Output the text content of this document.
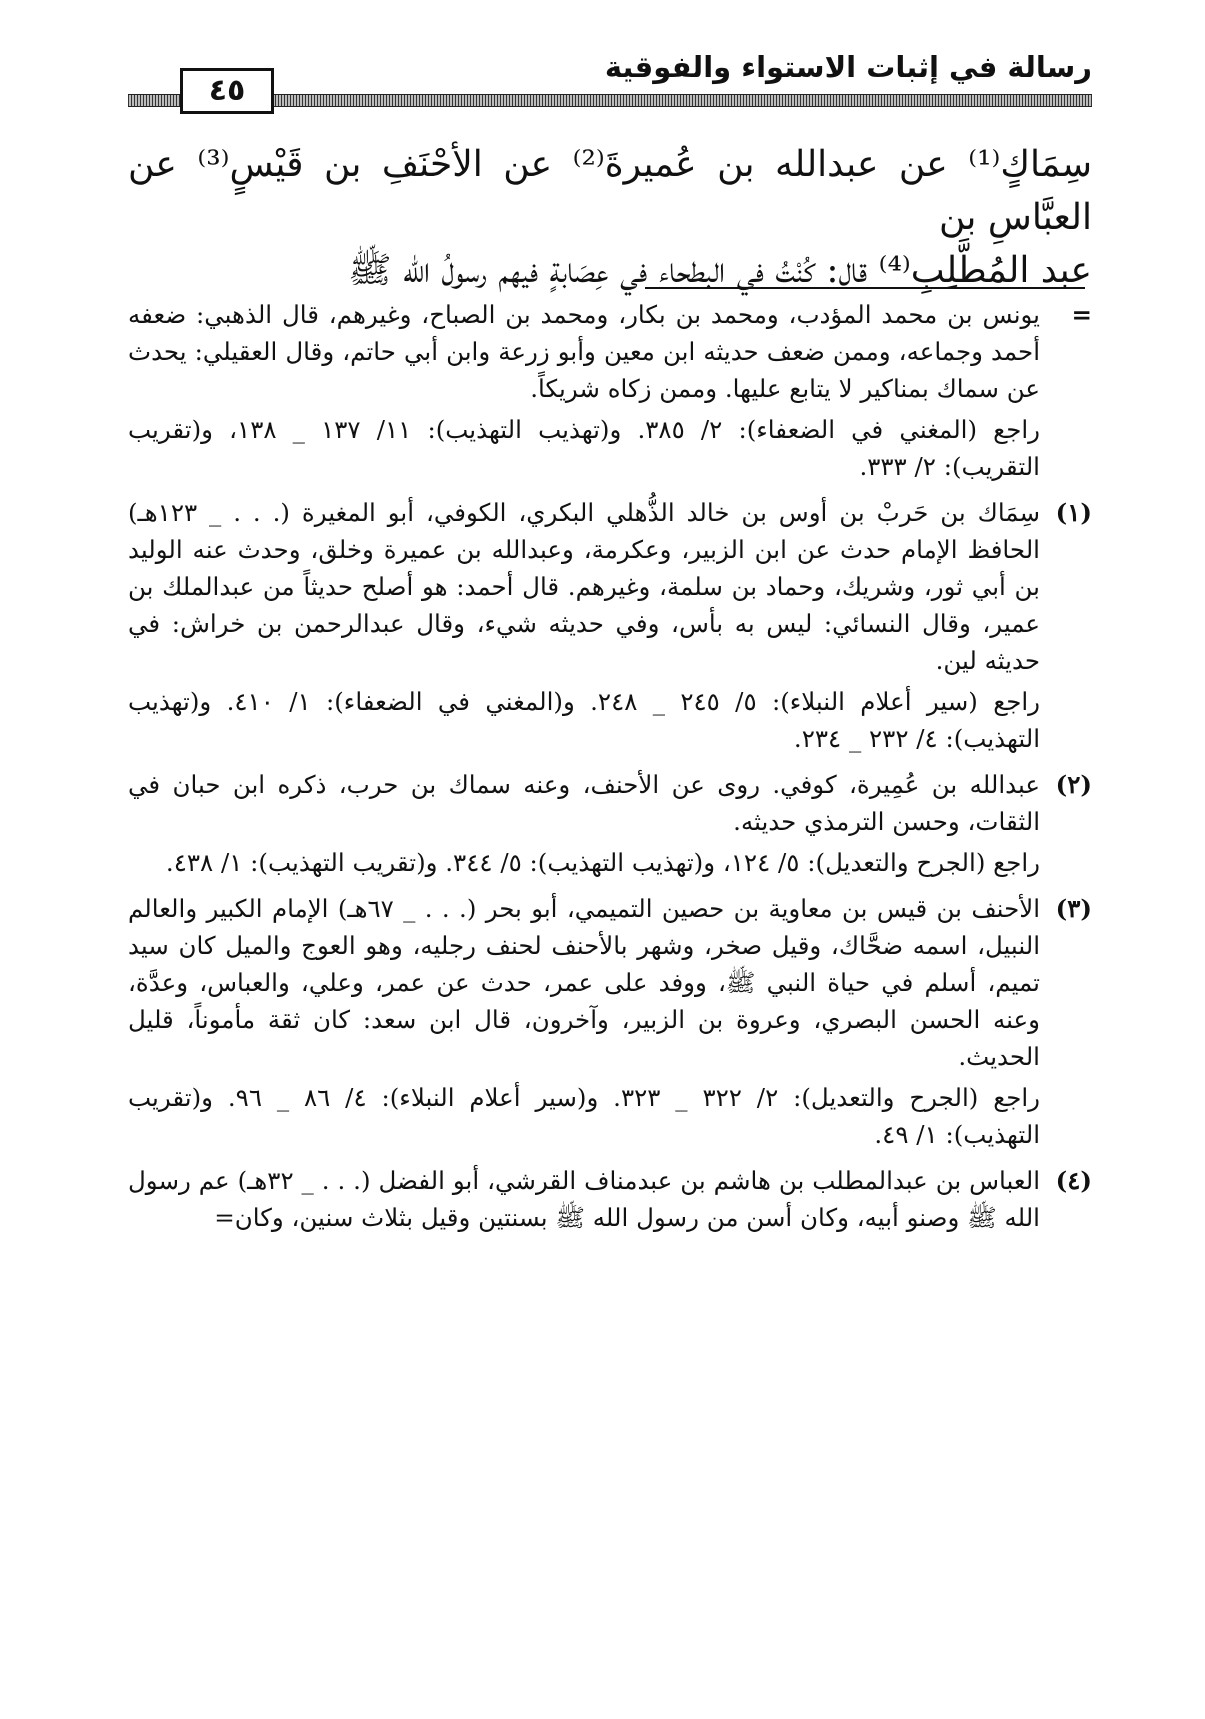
٤٥
رسالة في إثبات الاستواء والفوقية
سِمَاكٍ⁽¹⁾ عن عبدالله بن عُميرةَ⁽²⁾ عن الأحْنَفِ بن قَيْسٍ⁽³⁾ عن العبَّاسِ بن
عبد المُطَّلِبِ⁽⁴⁾ قال: كُنْتُ في البطحاء في عِصَابةٍ فيهم رسولُ الله ﷺ
=

يونس بن محمد المؤدب، ومحمد بن بكار، ومحمد بن الصباح، وغيرهم، قال الذهبي: ضعفه أحمد وجماعه، وممن ضعف حديثه ابن معين وأبو زرعة وابن أبي حاتم، وقال العقيلي: يحدث عن سماك بمناكير لا يتابع عليها. وممن زكاه شريكاً.

راجع (المغني في الضعفاء): ٢/ ٣٨٥. و(تهذيب التهذيب): ١١/ ١٣٧ _ ١٣٨، و(تقريب التقريب): ٢/ ٣٣٣.

(١)

سِمَاك بن حَربْ بن أوس بن خالد الذُّهلي البكري، الكوفي، أبو المغيرة (. . . _ ١٢٣هـ) الحافظ الإمام حدث عن ابن الزبير، وعكرمة، وعبدالله بن عميرة وخلق، وحدث عنه الوليد بن أبي ثور، وشريك، وحماد بن سلمة، وغيرهم. قال أحمد: هو أصلح حديثاً من عبدالملك بن عمير، وقال النسائي: ليس به بأس، وفي حديثه شيء، وقال عبدالرحمن بن خراش: في حديثه لين.

راجع (سير أعلام النبلاء): ٥/ ٢٤٥ _ ٢٤٨. و(المغني في الضعفاء): ١/ ٤١٠. و(تهذيب التهذيب): ٤/ ٢٣٢ _ ٢٣٤.

(٢)

عبدالله بن عُمِيرة، كوفي. روى عن الأحنف، وعنه سماك بن حرب، ذكره ابن حبان في الثقات، وحسن الترمذي حديثه.

راجع (الجرح والتعديل): ٥/ ١٢٤، و(تهذيب التهذيب): ٥/ ٣٤٤. و(تقريب التهذيب): ١/ ٤٣٨.

(٣)

الأحنف بن قيس بن معاوية بن حصين التميمي، أبو بحر (. . . _ ٦٧هـ) الإمام الكبير والعالم النبيل، اسمه ضحَّاك، وقيل صخر، وشهر بالأحنف لحنف رجليه، وهو العوج والميل كان سيد تميم، أسلم في حياة النبي ﷺ، ووفد على عمر، حدث عن عمر، وعلي، والعباس، وعدَّة، وعنه الحسن البصري، وعروة بن الزبير، وآخرون، قال ابن سعد: كان ثقة مأموناً، قليل الحديث.

راجع (الجرح والتعديل): ٢/ ٣٢٢ _ ٣٢٣. و(سير أعلام النبلاء): ٤/ ٨٦ _ ٩٦. و(تقريب التهذيب): ١/ ٤٩.

(٤)

العباس بن عبدالمطلب بن هاشم بن عبدمناف القرشي، أبو الفضل (. . . _ ٣٢هـ) عم رسول الله ﷺ وصنو أبيه، وكان أسن من رسول الله ﷺ بسنتين وقيل بثلاث سنين، وكان=
